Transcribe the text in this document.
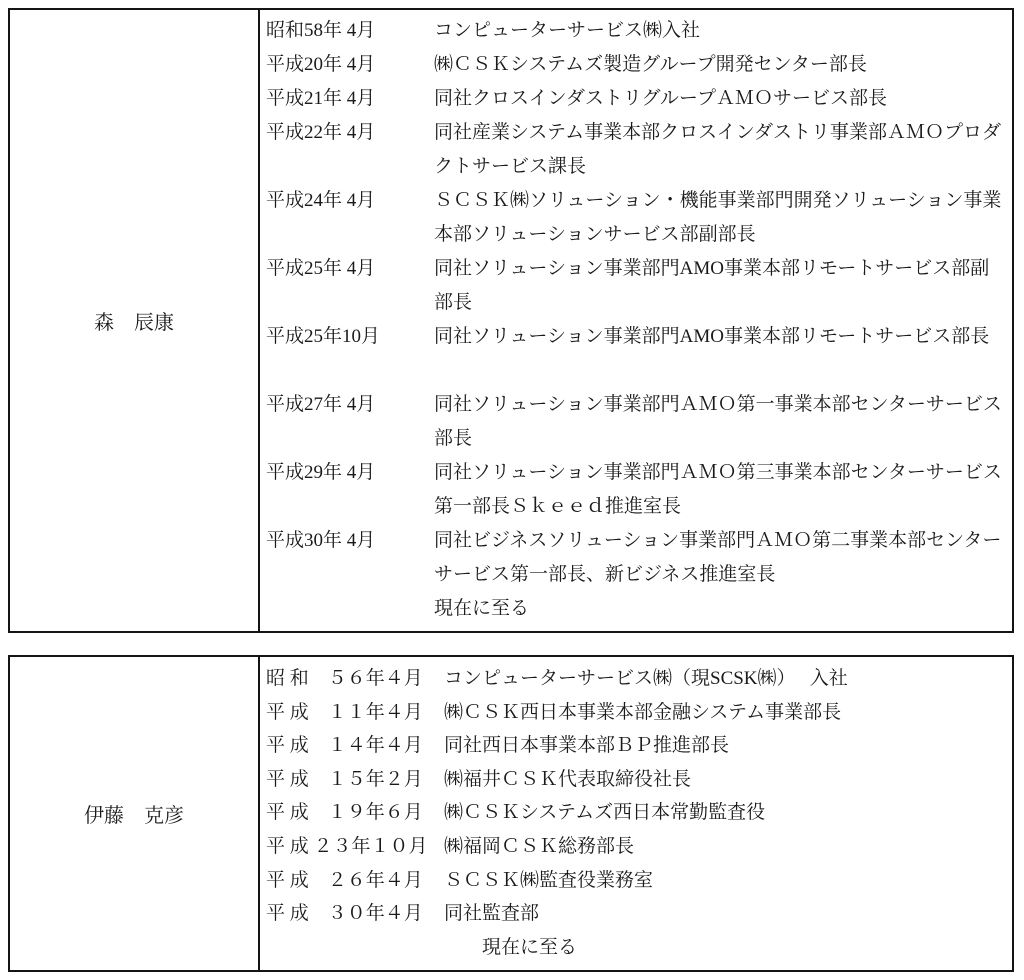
森　辰康
昭和58年 4月	コンピューターサービス㈱入社
平成20年 4月	㈱ＣＳＫシステムズ製造グループ開発センター部長
平成21年 4月	同社クロスインダストリグループＡＭＯサービス部長
平成22年 4月	同社産業システム事業本部クロスインダストリ事業部ＡＭＯプロダ
クトサービス課長
平成24年 4月	ＳＣＳＫ㈱ソリューション・機能事業部門開発ソリューション事業
本部ソリューションサービス部副部長
平成25年 4月	同社ソリューション事業部門AMO事業本部リモートサービス部副
部長
平成25年10月	同社ソリューション事業部門AMO事業本部リモートサービス部長
平成27年 4月	同社ソリューション事業部門ＡＭＯ第一事業本部センターサービス
部長
平成29年 4月	同社ソリューション事業部門ＡＭＯ第三事業本部センターサービス
第一部長Ｓｋｅｅｄ推進室長
平成30年 4月	同社ビジネスソリューション事業部門ＡＭＯ第二事業本部センター
サービス第一部長、新ビジネス推進室長
現在に至る
伊藤　克彦
昭 和　５６年４月	コンピューターサービス㈱（現SCSK㈱）　 入社
平 成　１１年４月	㈱ＣＳＫ西日本事業本部金融システム事業部長
平 成　１４年４月	同社西日本事業本部ＢＰ推進部長
平 成　１５年２月	㈱福井ＣＳＫ代表取締役社長
平 成　１９年６月	㈱ＣＳＫシステムズ西日本常勤監査役
平 成 ２３年１０月 ㈱福岡ＣＳＫ総務部長
平 成　２６年４月	ＳＣＳＫ㈱監査役業務室
平 成　３０年４月	同社監査部
　　現在に至る
